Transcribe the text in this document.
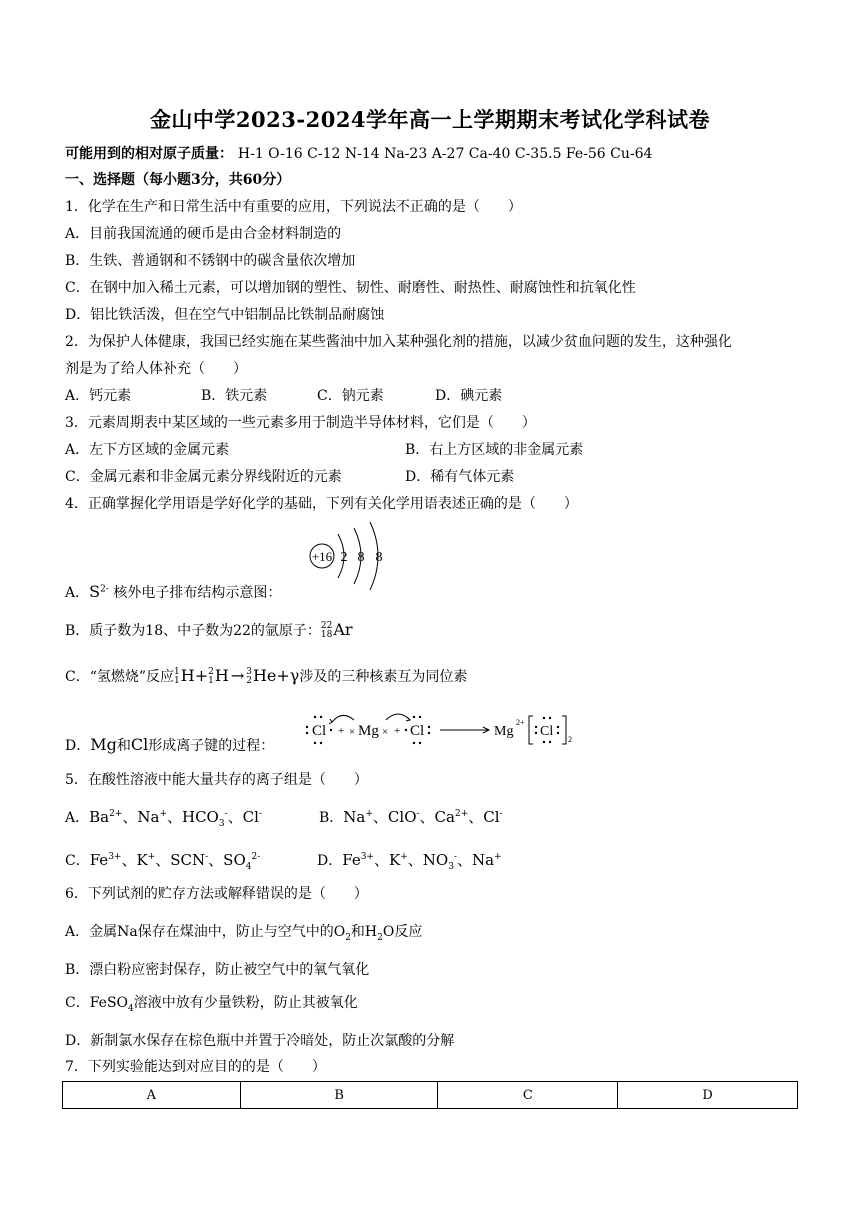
金山中学2023-2024学年高一上学期期末考试化学科试卷
可能用到的相对原子质量： H-1 O-16 C-12 N-14 Na-23 A-27 Ca-40 C-35.5 Fe-56 Cu-64
一、选择题（每小题3分，共60分）
1．化学在生产和日常生活中有重要的应用，下列说法不正确的是（　　）
A．目前我国流通的硬币是由合金材料制造的
B．生铁、普通钢和不锈钢中的碳含量依次增加
C．在钢中加入稀土元素，可以增加钢的塑性、韧性、耐磨性、耐热性、耐腐蚀性和抗氧化性
D．铝比铁活泼，但在空气中铝制品比铁制品耐腐蚀
2．为保护人体健康，我国已经实施在某些酱油中加入某种强化剂的措施，以减少贫血问题的发生，这种强化
剂是为了给人体补充（　　）
A．钙元素	B．铁元素	C．钠元素	D．碘元素
3．元素周期表中某区域的一些元素多用于制造半导体材料，它们是（　　）
A．左下方区域的金属元素	B．右上方区域的非金属元素
C．金属元素和非金属元素分界线附近的元素	D．稀有气体元素
4．正确掌握化学用语是学好化学的基础，下列有关化学用语表述正确的是（　　）
+16 2 8 8
A．$S^{2-}$ 核外电子排布结构示意图：
B．质子数为18、中子数为22的氩原子： 22
18 Ar
C．“氢燃烧”反应 1
1 H+ 2
1 H → 3
2 He+γ涉及的三种核素互为同位素
D．Mg和Cl形成离子键的过程：
Cl + × Mg × + Cl	Mg
2+
Cl
2
5．在酸性溶液中能大量共存的离子组是（　　）
A．$Ba^{2+}$、Na+、$HCO_3^-$、Cl-	B．Na+、ClO-、$Ca^{2+}$、Cl-
C．$Fe^{3+}$、K+、SCN-、$SO_4^{2-}$	D．$Fe^{3+}$、K+、$NO_3^-$、Na+
6．下列试剂的贮存方法或解释错误的是（　　）
A．金属Na保存在煤油中，防止与空气中的$O_2$和$H_2O$反应
B．漂白粉应密封保存，防止被空气中的氧气氧化
C．FeSO$_4$溶液中放有少量铁粉，防止其被氧化
D．新制氯水保存在棕色瓶中并置于冷暗处，防止次氯酸的分解
7．下列实验能达到对应目的的是（　　）
A	B	C	D
